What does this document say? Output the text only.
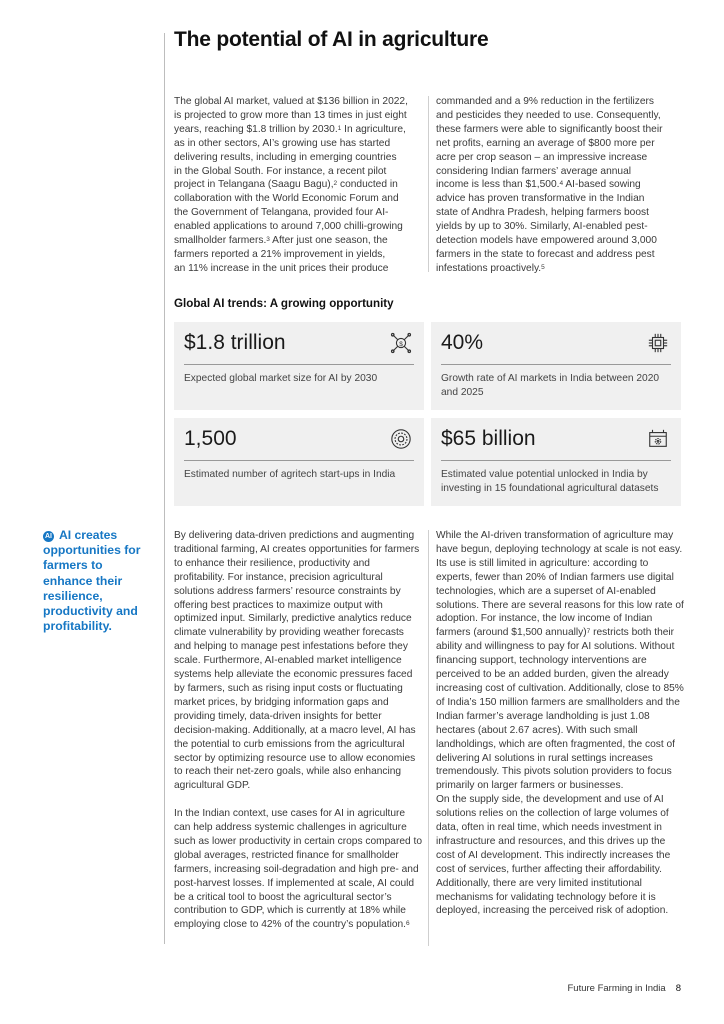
The potential of AI in agriculture
The global AI market, valued at $136 billion in 2022,
is projected to grow more than 13 times in just eight
years, reaching $1.8 trillion by 2030.$^1$ In agriculture,
as in other sectors, AI’s growing use has started
delivering results, including in emerging countries
in the Global South. For instance, a recent pilot
project in Telangana (Saagu Bagu),$^2$ conducted in
collaboration with the World Economic Forum and
the Government of Telangana, provided four AI-
enabled applications to around 7,000 chilli-growing
smallholder farmers.$^3$ After just one season, the
farmers reported a 21% improvement in yields,
an 11% increase in the unit prices their produce
commanded and a 9% reduction in the fertilizers
and pesticides they needed to use. Consequently,
these farmers were able to significantly boost their
net profits, earning an average of $800 more per
acre per crop season – an impressive increase
considering Indian farmers’ average annual
income is less than $1,500.$^4$ AI-based sowing
advice has proven transformative in the Indian
state of Andhra Pradesh, helping farmers boost
yields by up to 30%. Similarly, AI-enabled pest-
detection models have empowered around 3,000
farmers in the state to forecast and address pest
infestations proactively.$^5$
Global AI trends: A growing opportunity
$1.8 trillion	$
Expected global market size for AI by 2030
40%
Growth rate of AI markets in India between 2020 and 2025
1,500
Estimated number of agritech start-ups in India
$65 billion
Estimated value potential unlocked in India by investing in 15 foundational agricultural datasets
AI AI creates opportunities for farmers to enhance their resilience, productivity and profitability.

By delivering data-driven predictions and augmenting traditional farming, AI creates opportunities for farmers to enhance their resilience, productivity and profitability. For instance, precision agricultural solutions address farmers’ resource constraints by offering best practices to maximize output with optimized input. Similarly, predictive analytics reduce climate vulnerability by providing weather forecasts and helping to manage pest infestations before they scale. Furthermore, AI-enabled market intelligence systems help alleviate the economic pressures faced by farmers, such as rising input costs or fluctuating market prices, by bridging information gaps and providing timely, data-driven insights for better decision-making. Additionally, at a macro level, AI has the potential to curb emissions from the agricultural sector by optimizing resource use to allow economies to reach their net-zero goals, while also enhancing agricultural GDP.

In the Indian context, use cases for AI in agriculture can help address systemic challenges in agriculture such as lower productivity in certain crops compared to global averages, restricted finance for smallholder farmers, increasing soil-degradation and high pre- and post-harvest losses. If implemented at scale, AI could be a critical tool to boost the agricultural sector’s contribution to GDP, which is currently at 18% while employing close to 42% of the country’s population.$^6$

While the AI-driven transformation of agriculture may have begun, deploying technology at scale is not easy. Its use is still limited in agriculture: according to experts, fewer than 20% of Indian farmers use digital technologies, which are a superset of AI-enabled solutions. There are several reasons for this low rate of adoption. For instance, the low income of Indian farmers (around $1,500 annually)$^7$ restricts both their ability and willingness to pay for AI solutions. Without financing support, technology interventions are perceived to be an added burden, given the already increasing cost of cultivation. Additionally, close to 85% of India’s 150 million farmers are smallholders and the Indian farmer’s average landholding is just 1.08 hectares (about 2.67 acres). With such small landholdings, which are often fragmented, the cost of delivering AI solutions in rural settings increases tremendously. This pivots solution providers to focus primarily on larger farmers or businesses.

On the supply side, the development and use of AI solutions relies on the collection of large volumes of data, often in real time, which needs investment in infrastructure and resources, and this drives up the cost of AI development. This indirectly increases the cost of services, further affecting their affordability. Additionally, there are very limited institutional mechanisms for validating technology before it is deployed, increasing the perceived risk of adoption.

Future Farming in India 8
